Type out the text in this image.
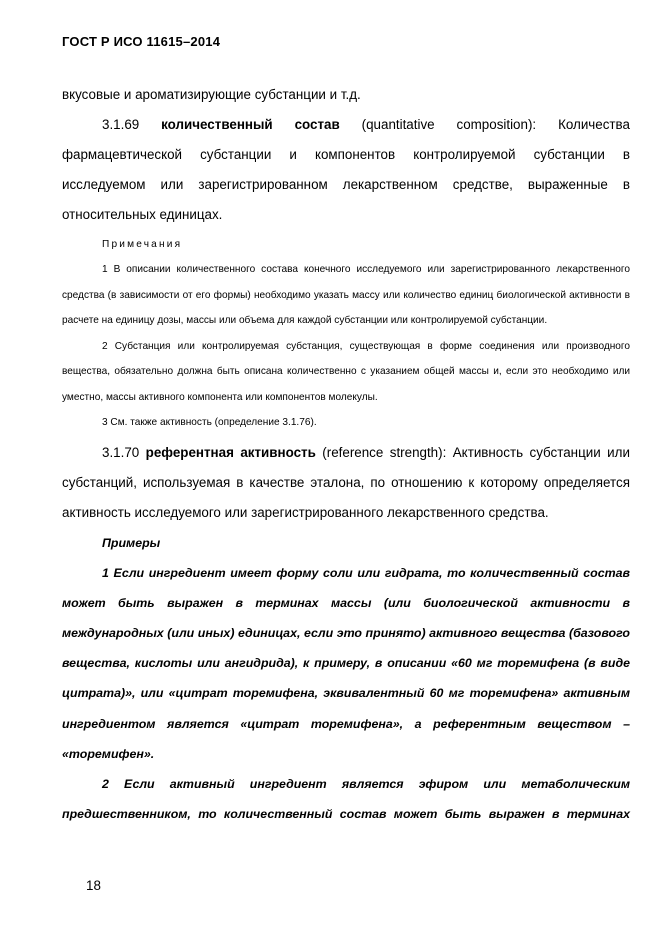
ГОСТ Р ИСО 11615–2014

вкусовые и ароматизирующие субстанции и т.д.

3.1.69 количественный состав (quantitative composition): Количества фармацевтической субстанции и компонентов контролируемой субстанции в исследуемом или зарегистрированном лекарственном средстве, выраженные в относительных единицах.

Примечания

1 В описании количественного состава конечного исследуемого или зарегистрированного лекарственного средства (в зависимости от его формы) необходимо указать массу или количество единиц биологической активности в расчете на единицу дозы, массы или объема для каждой субстанции или контролируемой субстанции.

2 Субстанция или контролируемая субстанция, существующая в форме соединения или производного вещества, обязательно должна быть описана количественно с указанием общей массы и, если это необходимо или уместно, массы активного компонента или компонентов молекулы.

3 См. также активность (определение 3.1.76).

3.1.70 референтная активность (reference strength): Активность субстанции или субстанций, используемая в качестве эталона, по отношению к которому определяется активность исследуемого или зарегистрированного лекарственного средства.

Примеры

1 Если ингредиент имеет форму соли или гидрата, то количественный состав может быть выражен в терминах массы (или биологической активности в международных (или иных) единицах, если это принято) активного вещества (базового вещества, кислоты или ангидрида), к примеру, в описании «60 мг торемифена (в виде цитрата)», или «цитрат торемифена, эквивалентный 60 мг торемифена» активным ингредиентом является «цитрат торемифена», а референтным веществом – «торемифен».

2 Если активный ингредиент является эфиром или метаболическим предшественником, то количественный состав может быть выражен в терминах

18
